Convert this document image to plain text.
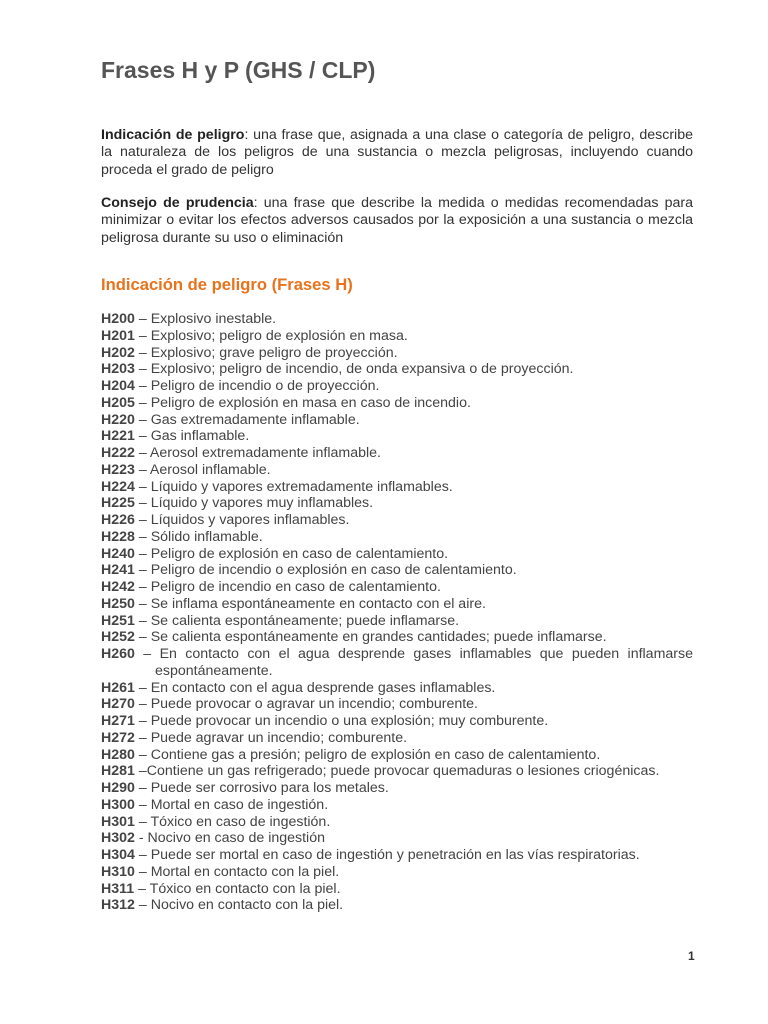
Frases H y P (GHS / CLP)

Indicación de peligro: una frase que, asignada a una clase o categoría de peligro, describe la naturaleza de los peligros de una sustancia o mezcla peligrosas, incluyendo cuando proceda el grado de peligro

Consejo de prudencia: una frase que describe la medida o medidas recomendadas para minimizar o evitar los efectos adversos causados por la exposición a una sustancia o mezcla peligrosa durante su uso o eliminación

Indicación de peligro (Frases H)
H200 – Explosivo inestable.
H201 – Explosivo; peligro de explosión en masa.
H202 – Explosivo; grave peligro de proyección.
H203 – Explosivo; peligro de incendio, de onda expansiva o de proyección.
H204 – Peligro de incendio o de proyección.
H205 – Peligro de explosión en masa en caso de incendio.
H220 – Gas extremadamente inflamable.
H221 – Gas inflamable.
H222 – Aerosol extremadamente inflamable.
H223 – Aerosol inflamable.
H224 – Líquido y vapores extremadamente inflamables.
H225 – Líquido y vapores muy inflamables.
H226 – Líquidos y vapores inflamables.
H228 – Sólido inflamable.
H240 – Peligro de explosión en caso de calentamiento.
H241 – Peligro de incendio o explosión en caso de calentamiento.
H242 – Peligro de incendio en caso de calentamiento.
H250 – Se inflama espontáneamente en contacto con el aire.
H251 – Se calienta espontáneamente; puede inflamarse.
H252 – Se calienta espontáneamente en grandes cantidades; puede inflamarse.
H260 – En contacto con el agua desprende gases inflamables que pueden inflamarse espontáneamente.
H261 – En contacto con el agua desprende gases inflamables.
H270 – Puede provocar o agravar un incendio; comburente.
H271 – Puede provocar un incendio o una explosión; muy comburente.
H272 – Puede agravar un incendio; comburente.
H280 – Contiene gas a presión; peligro de explosión en caso de calentamiento.
H281 –Contiene un gas refrigerado; puede provocar quemaduras o lesiones criogénicas.
H290 – Puede ser corrosivo para los metales.
H300 – Mortal en caso de ingestión.
H301 – Tóxico en caso de ingestión.
H302 - Nocivo en caso de ingestión
H304 – Puede ser mortal en caso de ingestión y penetración en las vías respiratorias.
H310 – Mortal en contacto con la piel.
H311 – Tóxico en contacto con la piel.
H312 – Nocivo en contacto con la piel.
1
